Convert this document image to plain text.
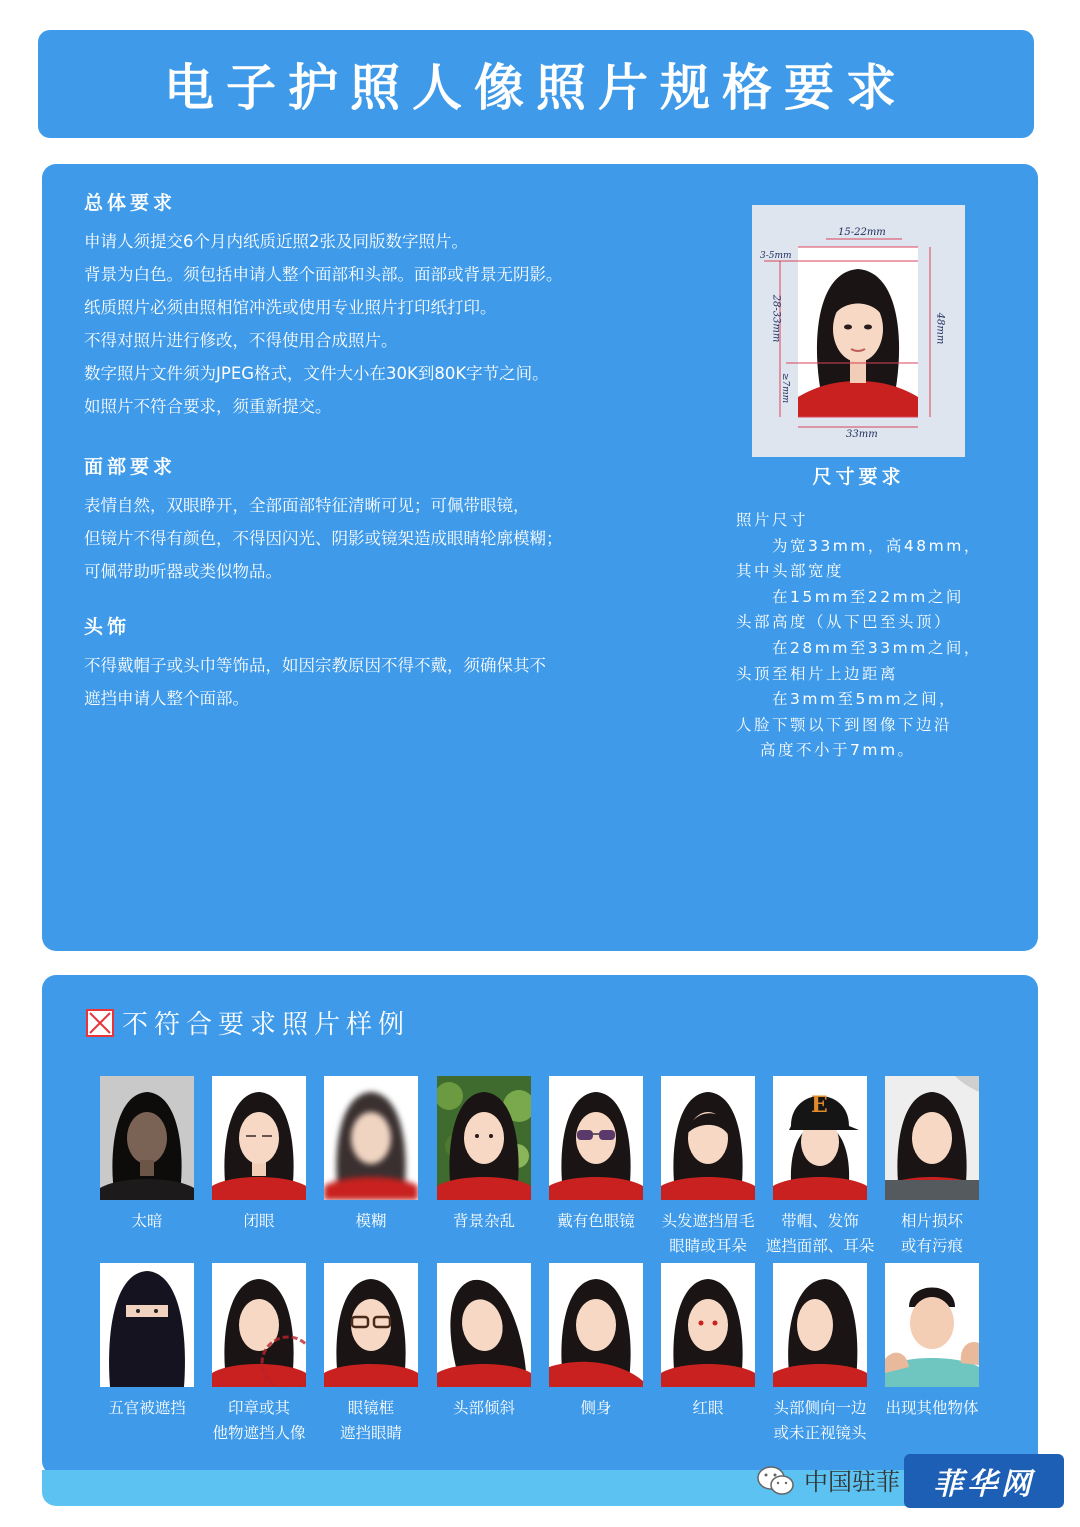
电子护照人像照片规格要求

总体要求

申请人须提交6个月内纸质近照2张及同版数字照片。

背景为白色。须包括申请人整个面部和头部。面部或背景无阴影。

纸质照片必须由照相馆冲洗或使用专业照片打印纸打印。

不得对照片进行修改，不得使用合成照片。

数字照片文件须为JPEG格式，文件大小在30K到80K字节之间。

如照片不符合要求，须重新提交。

面部要求

表情自然，双眼睁开，全部面部特征清晰可见；可佩带眼镜，

但镜片不得有颜色，不得因闪光、阴影或镜架造成眼睛轮廓模糊；

可佩带助听器或类似物品。

头饰

不得戴帽子或头巾等饰品，如因宗教原因不得不戴，须确保其不

遮挡申请人整个面部。

15-22mm
3-5mm
28-33mm
≥7mm
48mm
33mm
尺寸要求

照片尺寸

为宽33mm，高48mm，

其中头部宽度

在15mm至22mm之间

头部高度（从下巴至头顶）

在28mm至33mm之间，

头顶至相片上边距离

在3mm至5mm之间，

人脸下颚以下到图像下边沿

高度不小于7mm。

不符合要求照片样例
太暗	闭眼	模糊	背景杂乱	戴有色眼镜	头发遮挡眉毛
眼睛或耳朵
E
带帽、发饰
遮挡面部、耳朵
相片损坏
或有污痕
五官被遮挡	印章或其
他物遮挡人像
眼镜框
遮挡眼睛
头部倾斜	侧身	红眼	头部侧向一边
或未正视镜头
出现其他物体
中国驻菲	菲华网
